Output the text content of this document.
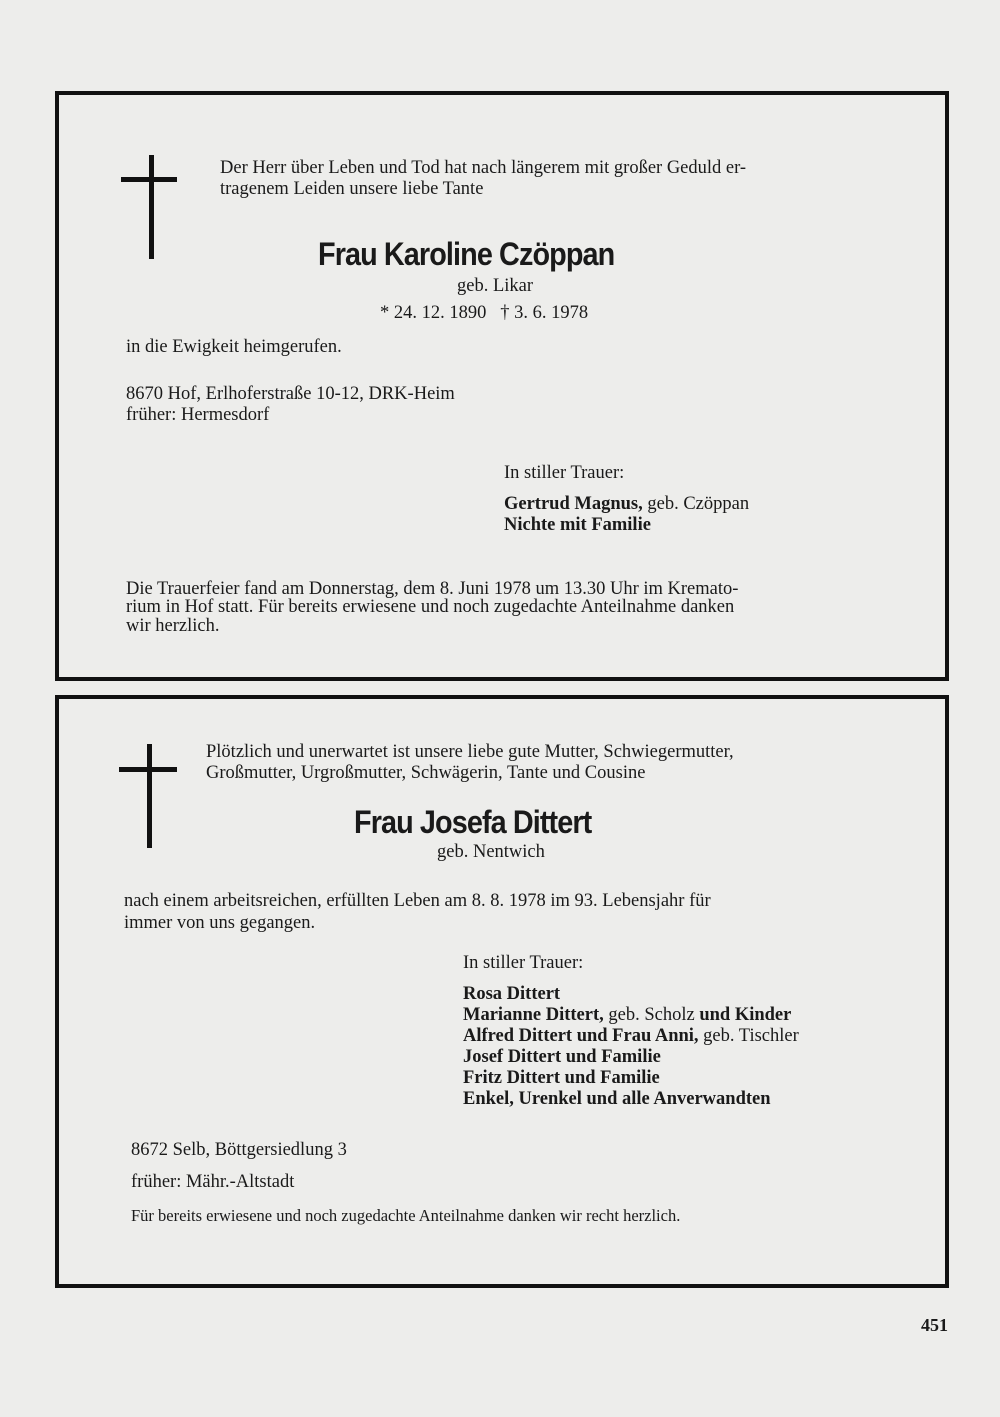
Der Herr über Leben und Tod hat nach längerem mit großer Geduld er-
tragenem Leiden unsere liebe Tante
Frau Karoline Czöppan
geb. Likar
* 24. 12. 1890   † 3. 6. 1978
in die Ewigkeit heimgerufen.
8670 Hof, Erlhoferstraße 10-12, DRK-Heim
früher: Hermesdorf
In stiller Trauer:
Gertrud Magnus, geb. Czöppan
Nichte mit Familie
Die Trauerfeier fand am Donnerstag, dem 8. Juni 1978 um 13.30 Uhr im Kremato-
rium in Hof statt. Für bereits erwiesene und noch zugedachte Anteilnahme danken
wir herzlich.
Plötzlich und unerwartet ist unsere liebe gute Mutter, Schwiegermutter,
Großmutter, Urgroßmutter, Schwägerin, Tante und Cousine
Frau Josefa Dittert
geb. Nentwich
nach einem arbeitsreichen, erfüllten Leben am 8. 8. 1978 im 93. Lebensjahr für
immer von uns gegangen.
In stiller Trauer:
Rosa Dittert
Marianne Dittert, geb. Scholz und Kinder
Alfred Dittert und Frau Anni, geb. Tischler
Josef Dittert und Familie
Fritz Dittert und Familie
Enkel, Urenkel und alle Anverwandten
8672 Selb, Böttgersiedlung 3
früher: Mähr.-Altstadt
Für bereits erwiesene und noch zugedachte Anteilnahme danken wir recht herzlich.
451
